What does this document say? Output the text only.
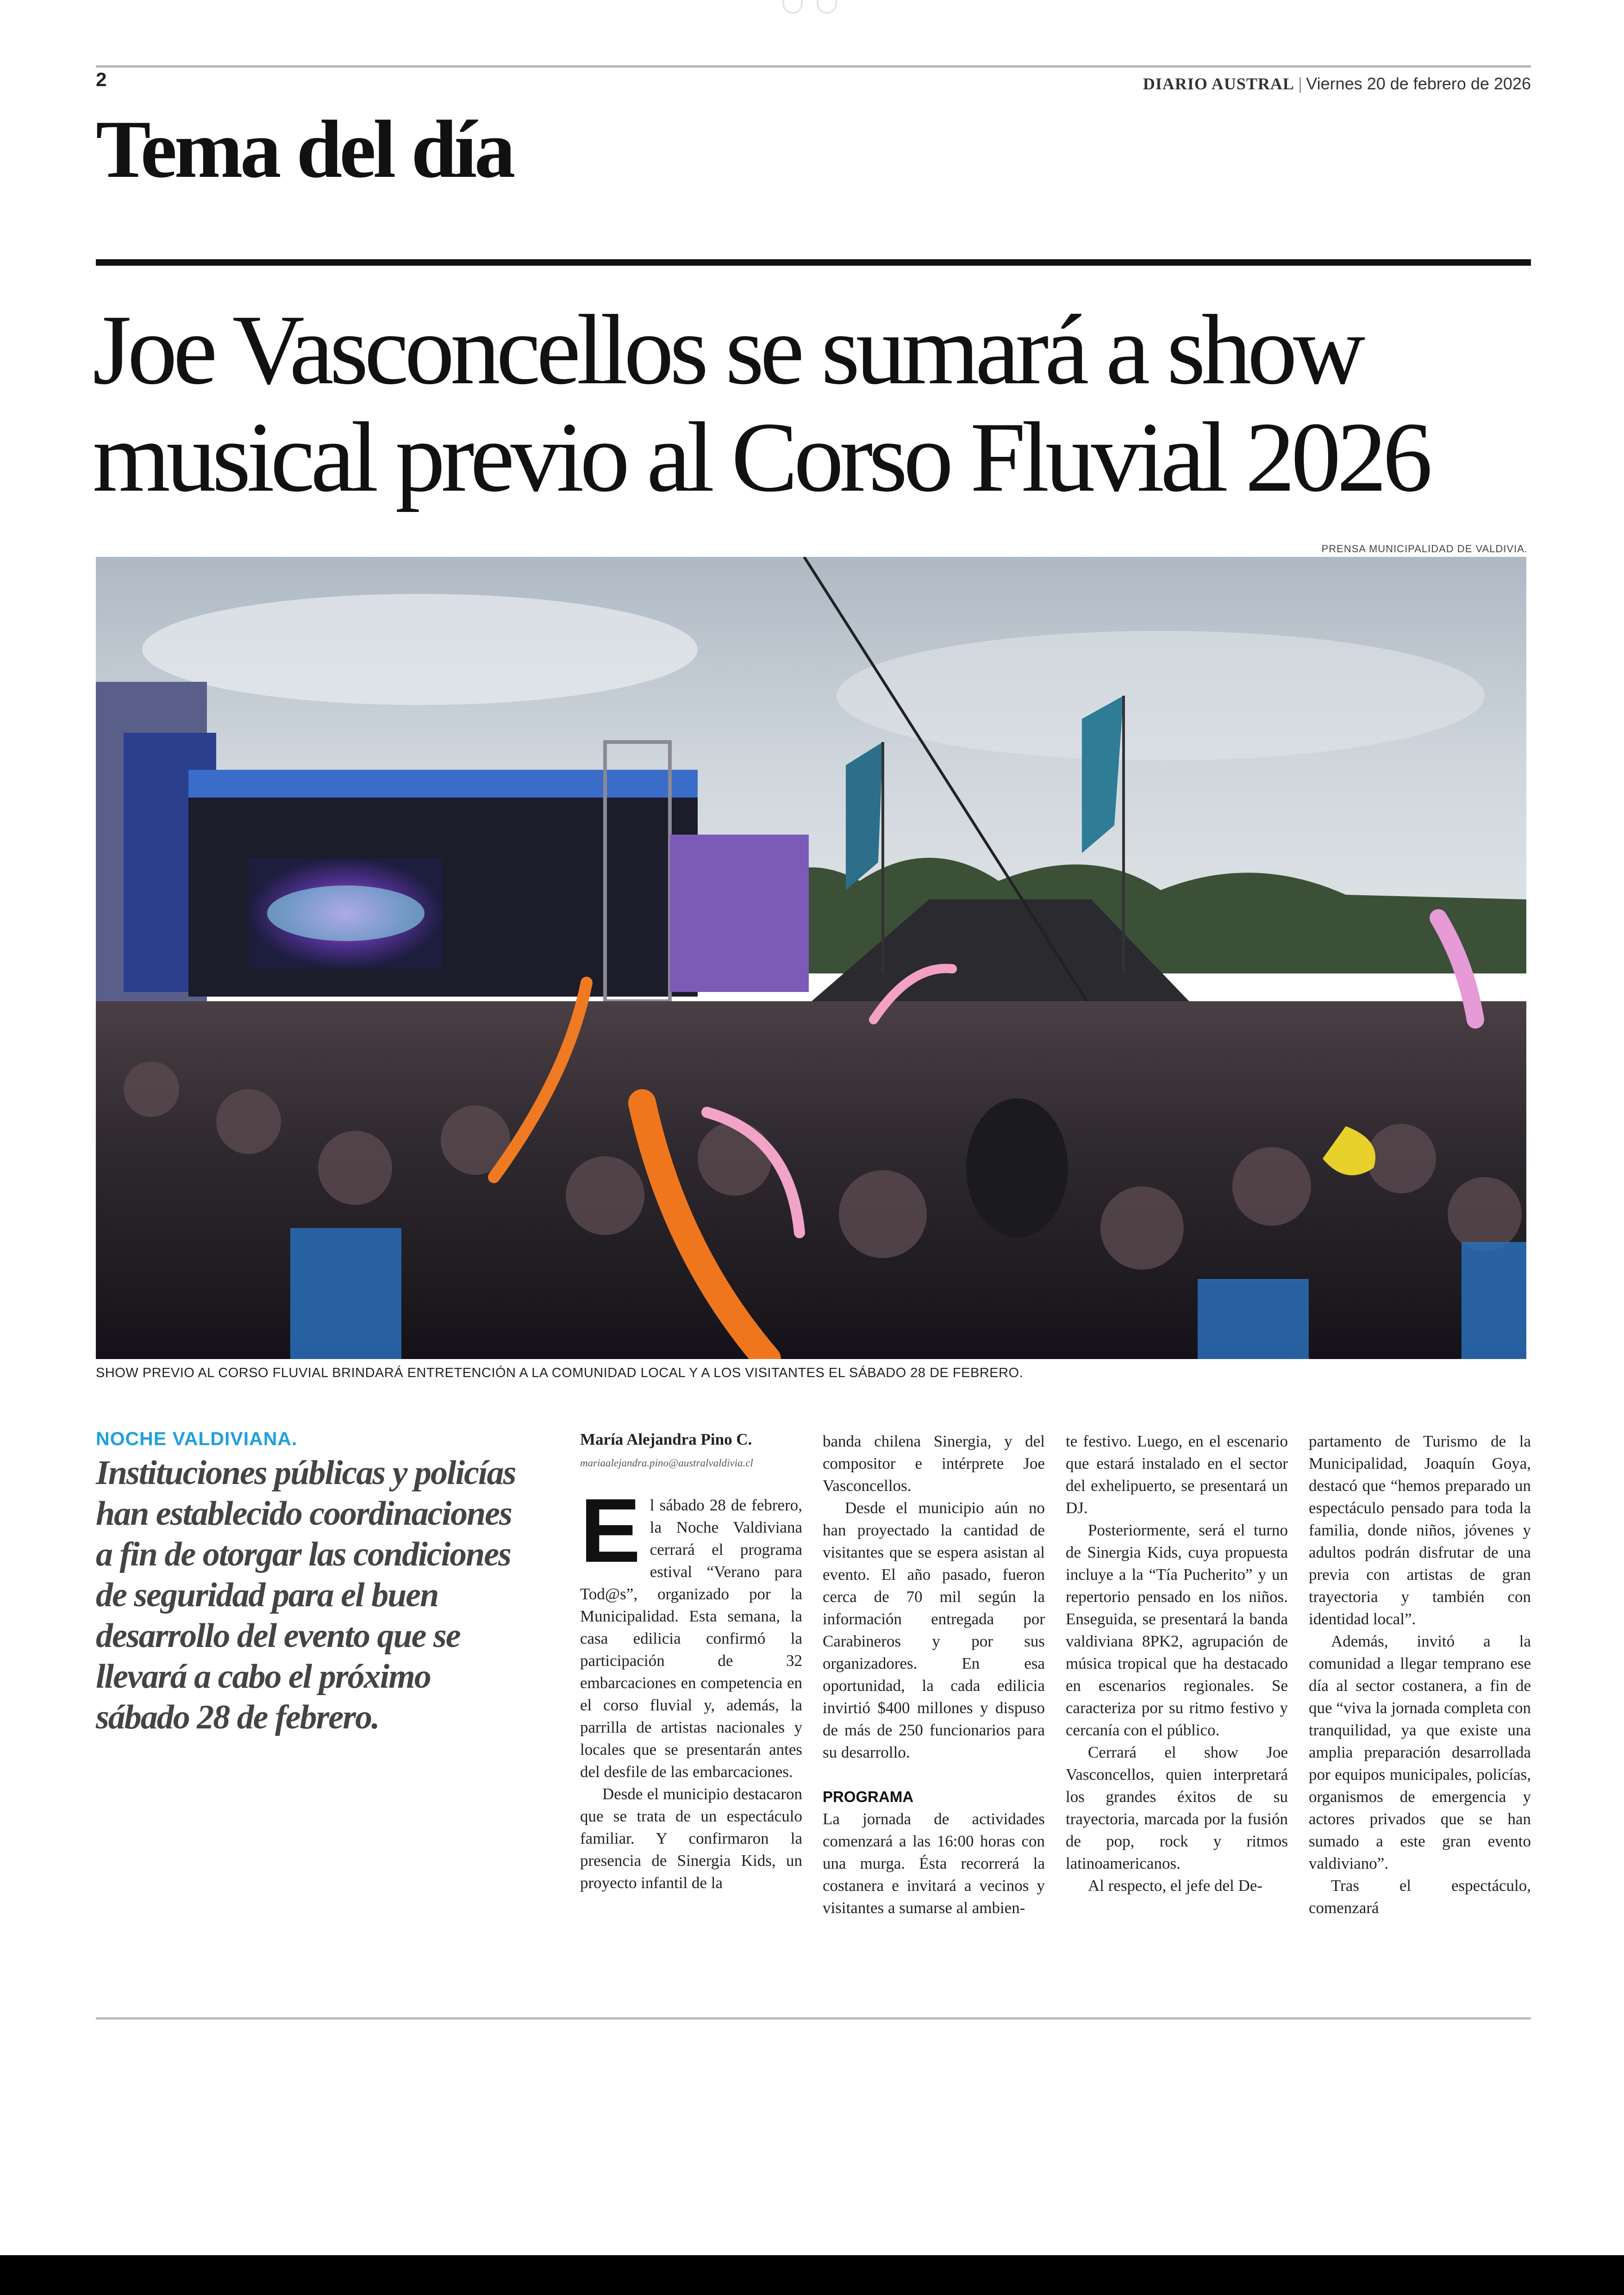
2	DIARIO AUSTRAL | Viernes 20 de febrero de 2026
Tema del día
Joe Vasconcellos se sumará a show
musical previo al Corso Fluvial 2026
PRENSA MUNICIPALIDAD DE VALDIVIA.
SHOW PREVIO AL CORSO FLUVIAL BRINDARÁ ENTRETENCIÓN A LA COMUNIDAD LOCAL Y A LOS VISITANTES EL SÁBADO 28 DE FEBRERO.
NOCHE VALDIVIANA.
Instituciones públicas y policías han establecido coordinaciones a fin de otorgar las condiciones de seguridad para el buen desarrollo del evento que se llevará a cabo el próximo sábado 28 de febrero.
María Alejandra Pino C.
mariaalejandra.pino@australvaldivia.cl

El sábado 28 de febrero, la Noche Valdiviana cerrará el programa estival “Verano para Tod@s”, organizado por la Municipalidad. Esta semana, la casa edilicia confirmó la participación de 32 embarcaciones en competencia en el corso fluvial y, además, la parrilla de artistas nacionales y locales que se presentarán antes del desfile de las embarcaciones.

Desde el municipio destacaron que se trata de un espectáculo familiar. Y confirmaron la presencia de Sinergia Kids, un proyecto infantil de la

banda chilena Sinergia, y del compositor e intérprete Joe Vasconcellos.

Desde el municipio aún no han proyectado la cantidad de visitantes que se espera asistan al evento. El año pasado, fueron cerca de 70 mil según la información entregada por Carabineros y por sus organizadores. En esa oportunidad, la cada edilicia invirtió $400 millones y dispuso de más de 250 funcionarios para su desarrollo.

PROGRAMA

La jornada de actividades comenzará a las 16:00 horas con una murga. Ésta recorrerá la costanera e invitará a vecinos y visitantes a sumarse al ambien-

te festivo. Luego, en el escenario que estará instalado en el sector del exhelipuerto, se presentará un DJ.

Posteriormente, será el turno de Sinergia Kids, cuya propuesta incluye a la “Tía Pucherito” y un repertorio pensado en los niños. Enseguida, se presentará la banda valdiviana 8PK2, agrupación de música tropical que ha destacado en escenarios regionales. Se caracteriza por su ritmo festivo y cercanía con el público.

Cerrará el show Joe Vasconcellos, quien interpretará los grandes éxitos de su trayectoria, marcada por la fusión de pop, rock y ritmos latinoamericanos.

Al respecto, el jefe del De-

partamento de Turismo de la Municipalidad, Joaquín Goya, destacó que “hemos preparado un espectáculo pensado para toda la familia, donde niños, jóvenes y adultos podrán disfrutar de una previa con artistas de gran trayectoria y también con identidad local”.

Además, invitó a la comunidad a llegar temprano ese día al sector costanera, a fin de que “viva la jornada completa con tranquilidad, ya que existe una amplia preparación desarrollada por equipos municipales, policías, organismos de emergencia y actores privados que se han sumado a este gran evento valdiviano”.

Tras el espectáculo, comenzará
